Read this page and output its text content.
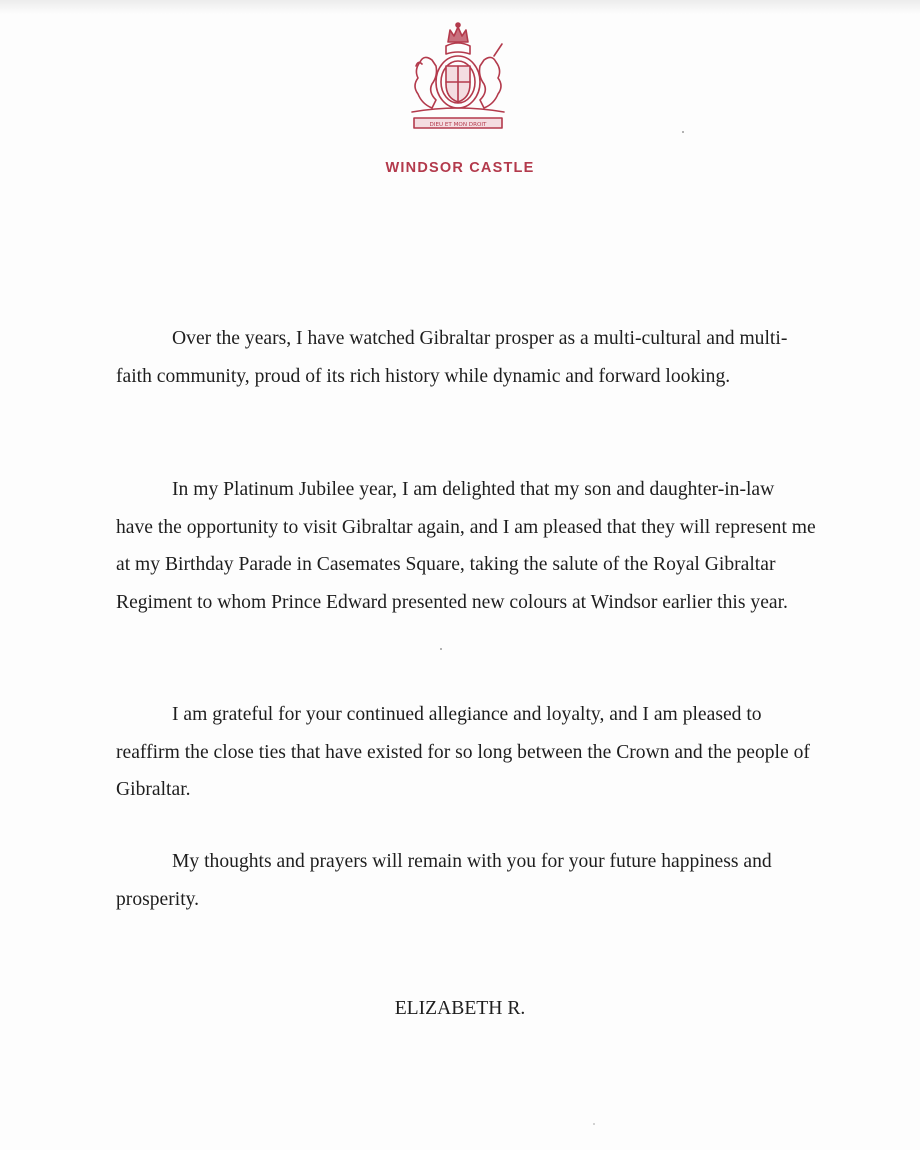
DIEU ET MON DROIT
WINDSOR CASTLE

Over the years, I have watched Gibraltar prosper as a multi-cultural and multi-faith community, proud of its rich history while dynamic and forward looking.

In my Platinum Jubilee year, I am delighted that my son and daughter-in-law have the opportunity to visit Gibraltar again, and I am pleased that they will represent me at my Birthday Parade in Casemates Square, taking the salute of the Royal Gibraltar Regiment to whom Prince Edward presented new colours at Windsor earlier this year.

I am grateful for your continued allegiance and loyalty, and I am pleased to reaffirm the close ties that have existed for so long between the Crown and the people of Gibraltar.

My thoughts and prayers will remain with you for your future happiness and prosperity.

ELIZABETH R.
